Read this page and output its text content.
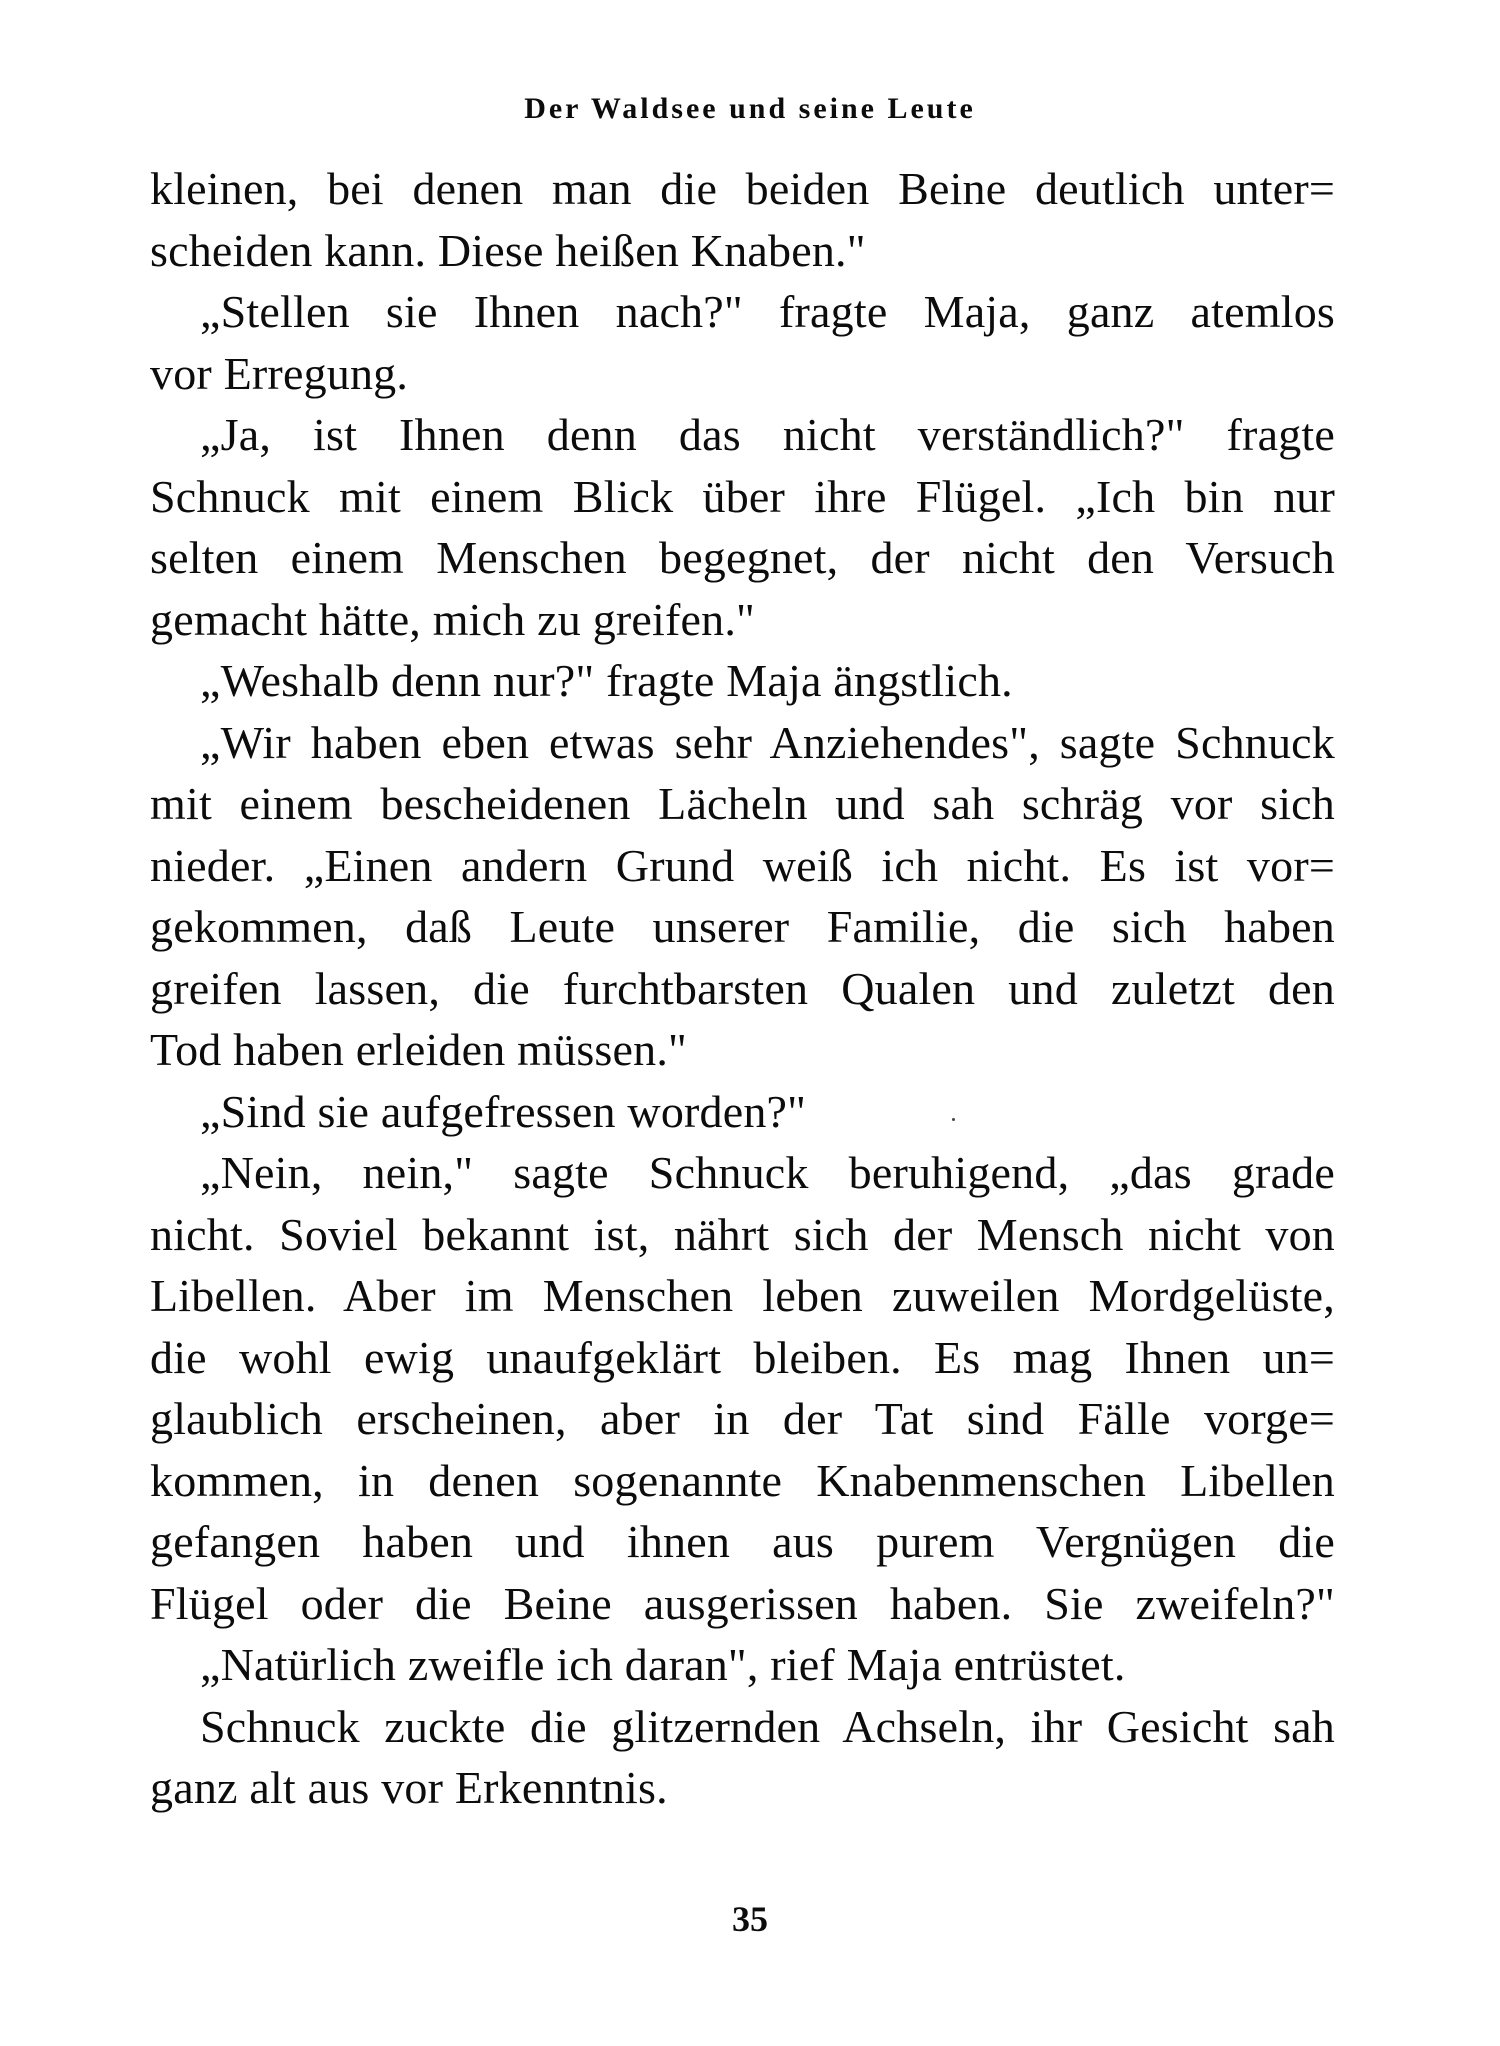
Der Waldsee und seine Leute
kleinen, bei denen man die beiden Beine deutlich unter=
scheiden kann. Diese heißen Knaben."
„Stellen sie Ihnen nach?" fragte Maja, ganz atemlos
vor Erregung.
„Ja, ist Ihnen denn das nicht verständlich?" fragte
Schnuck mit einem Blick über ihre Flügel. „Ich bin nur
selten einem Menschen begegnet, der nicht den Versuch
gemacht hätte, mich zu greifen."
„Weshalb denn nur?" fragte Maja ängstlich.
„Wir haben eben etwas sehr Anziehendes", sagte Schnuck
mit einem bescheidenen Lächeln und sah schräg vor sich
nieder. „Einen andern Grund weiß ich nicht. Es ist vor=
gekommen, daß Leute unserer Familie, die sich haben
greifen lassen, die furchtbarsten Qualen und zuletzt den
Tod haben erleiden müssen."
„Sind sie aufgefressen worden?"
„Nein, nein," sagte Schnuck beruhigend, „das grade
nicht. Soviel bekannt ist, nährt sich der Mensch nicht von
Libellen. Aber im Menschen leben zuweilen Mordgelüste,
die wohl ewig unaufgeklärt bleiben. Es mag Ihnen un=
glaublich erscheinen, aber in der Tat sind Fälle vorge=
kommen, in denen sogenannte Knabenmenschen Libellen
gefangen haben und ihnen aus purem Vergnügen die
Flügel oder die Beine ausgerissen haben. Sie zweifeln?"
„Natürlich zweifle ich daran", rief Maja entrüstet.
Schnuck zuckte die glitzernden Achseln, ihr Gesicht sah
ganz alt aus vor Erkenntnis.
35
